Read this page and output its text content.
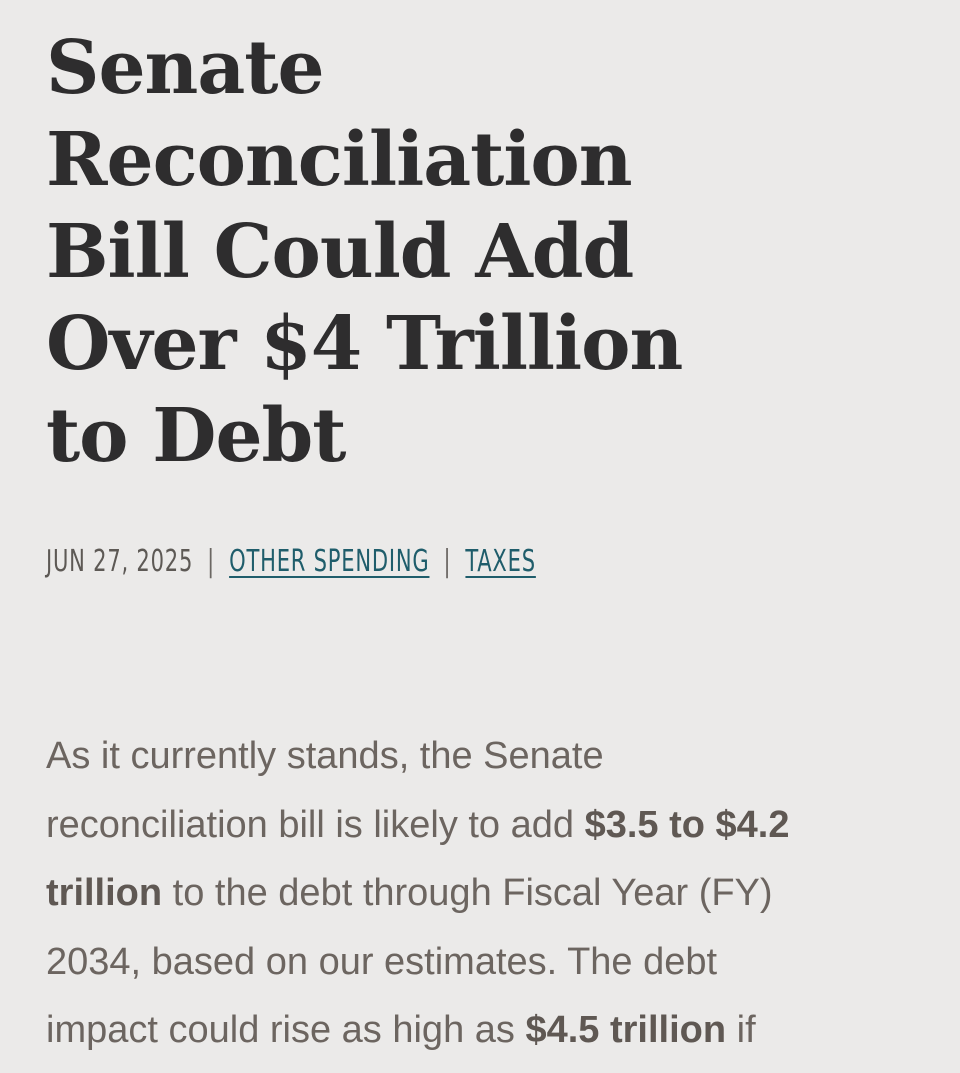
Senate
Reconciliation
Bill Could Add
Over $4 Trillion
to Debt
JUN 27, 2025 | OTHER SPENDING | TAXES

As it currently stands, the Senate
reconciliation bill is likely to add $3.5 to $4.2
trillion to the debt through Fiscal Year (FY)
2034, based on our estimates. The debt
impact could rise as high as $4.5 trillion if
